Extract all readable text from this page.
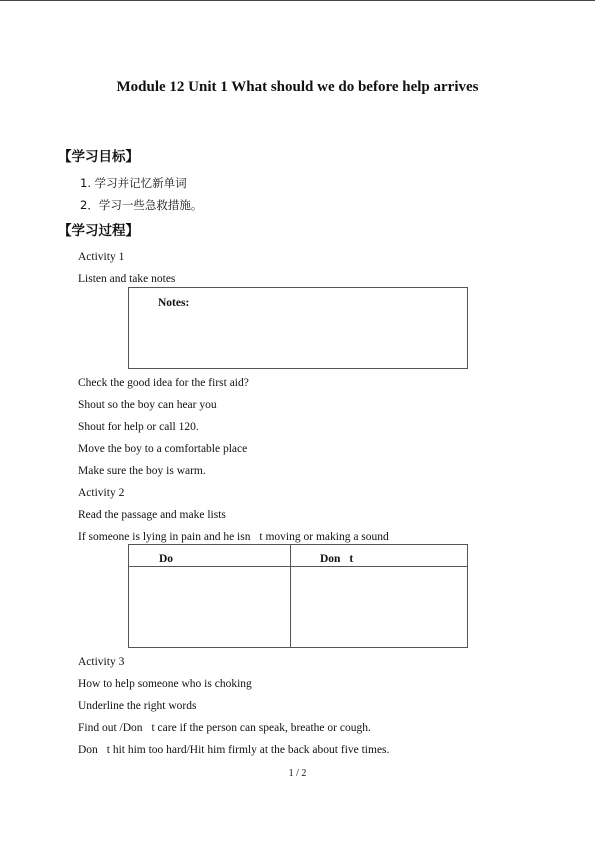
Module 12 Unit 1 What should we do before help arrives
【学习目标】
1. 学习并记忆新单词
2．学习一些急救措施。
【学习过程】
Activity 1
Listen and take notes
Notes:
Check the good idea for the first aid?
Shout so the boy can hear you
Shout for help or call 120.
Move the boy to a comfortable place
Make sure the boy is warm.
Activity 2
Read the passage and make lists
If someone is lying in pain and he isn t moving or making a sound 
Do	Don t
Activity 3
How to help someone who is choking
Underline the right words
Find out /Don t care if the person can speak, breathe or cough.
Don t hit him too hard/Hit him firmly at the back about five times.
1 / 2
